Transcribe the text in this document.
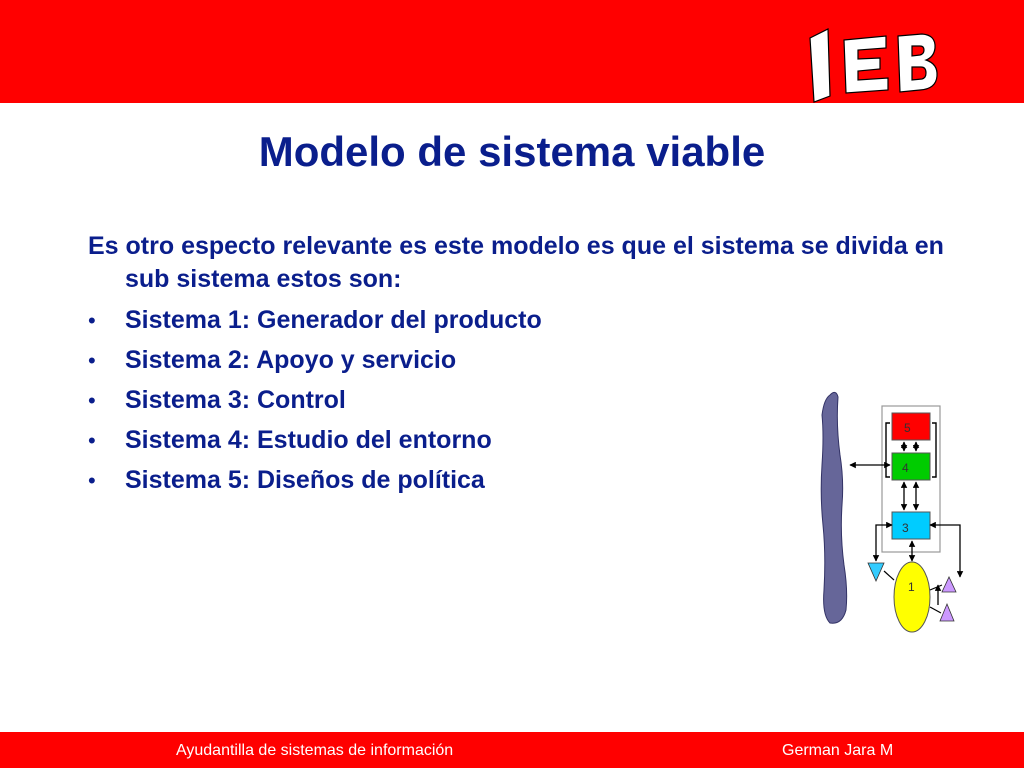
Modelo de sistema viable

Es otro especto relevante es este modelo es que el sistema se divida en sub sistema estos son:

• Sistema 1: Generador del producto
• Sistema 2: Apoyo y servicio
• Sistema 3: Control
• Sistema 4: Estudio del entorno
• Sistema 5: Diseños de política
5
4
3
1
Ayudantilla de sistemas de información	German Jara M
